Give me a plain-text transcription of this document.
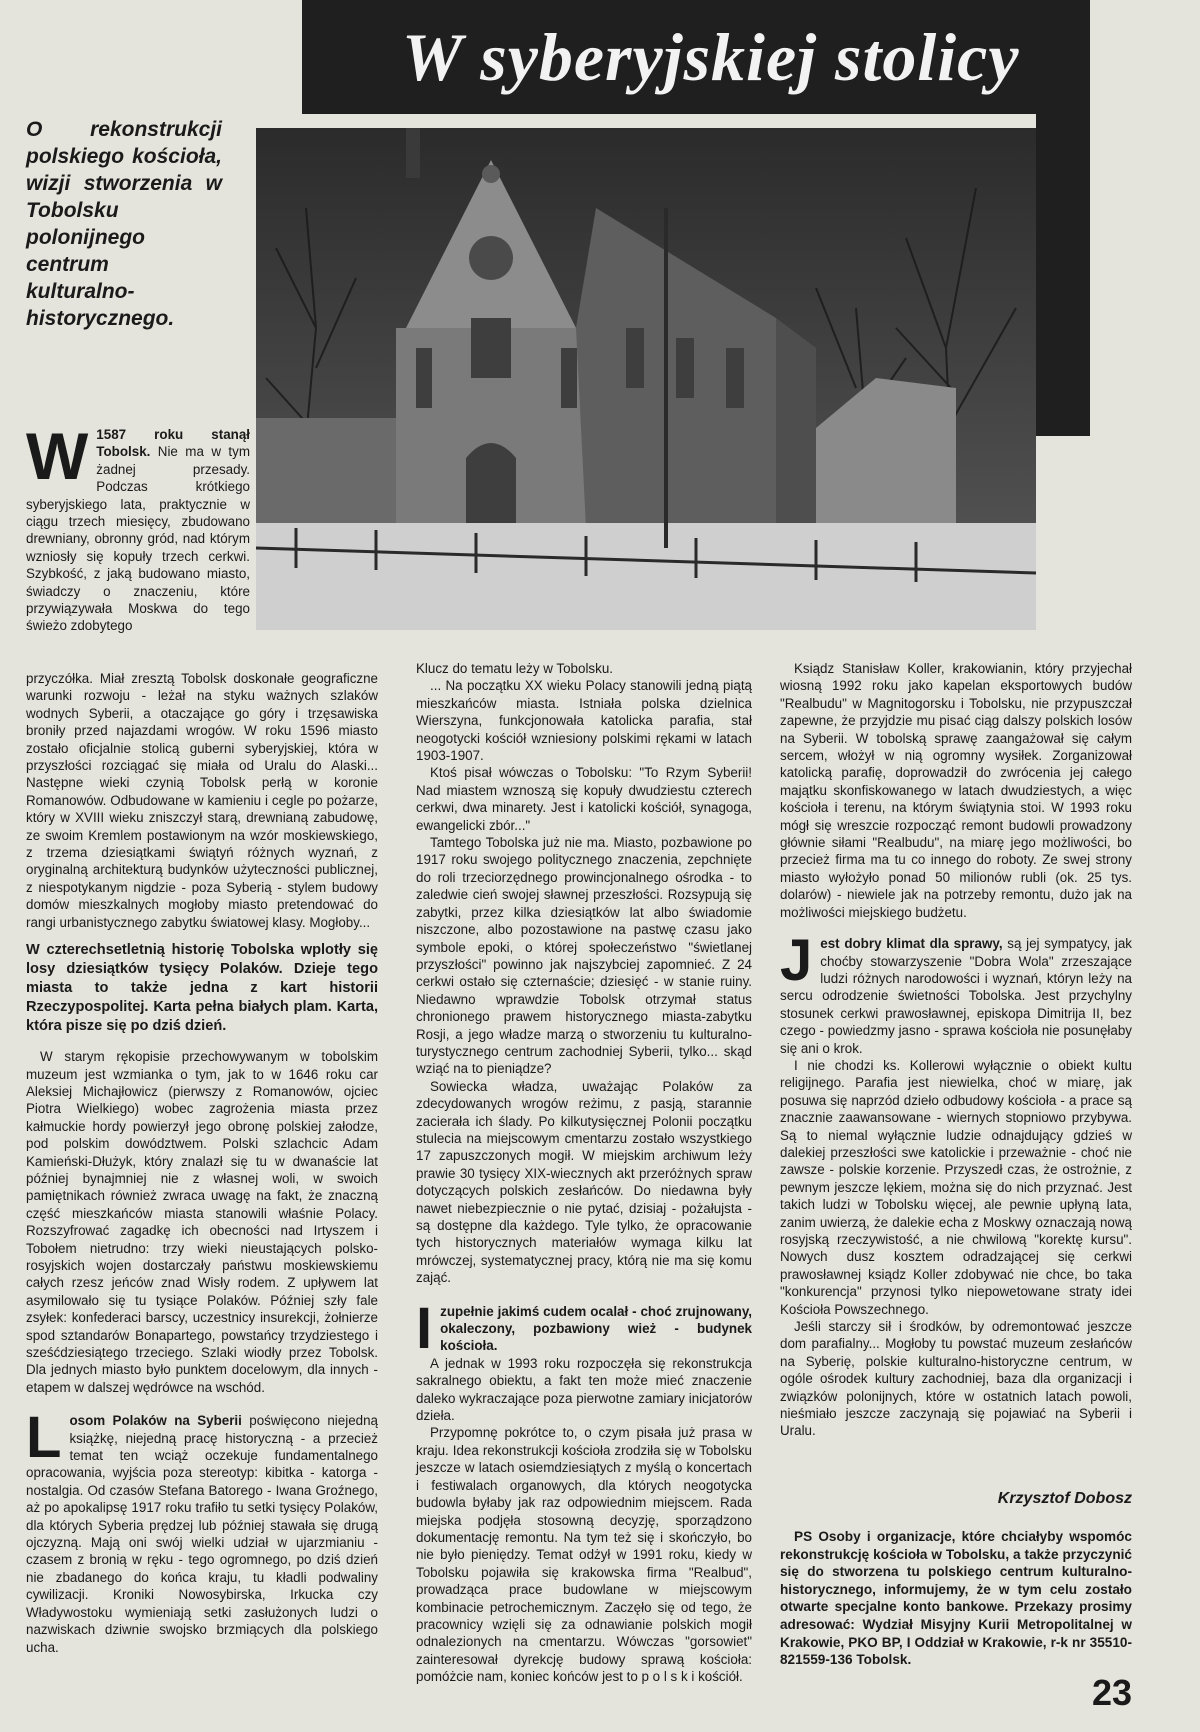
W syberyjskiej stolicy

O rekonstrukcji polskiego kościoła, wizji stworzenia w Tobolsku polonijnego centrum kulturalno-historycznego.

W 1587 roku stanął Tobolsk. Nie ma w tym żadnej przesady. Podczas krótkiego syberyjskiego lata, praktycznie w ciągu trzech miesięcy, zbudowano drewniany, obronny gród, nad którym wzniosły się kopuły trzech cerkwi. Szybkość, z jaką budowano miasto, świadczy o znaczeniu, które przywiązywała Moskwa do tego świeżo zdobytego

przyczółka. Miał zresztą Tobolsk doskonałe geograficzne warunki rozwoju - leżał na styku ważnych szlaków wodnych Syberii, a otaczające go góry i trzęsawiska broniły przed najazdami wrogów. W roku 1596 miasto zostało oficjalnie stolicą guberni syberyjskiej, która w przyszłości rozciągać się miała od Uralu do Alaski... Następne wieki czynią Tobolsk perłą w koronie Romanowów. Odbudowane w kamieniu i cegle po pożarze, który w XVIII wieku zniszczył starą, drewnianą zabudowę, ze swoim Kremlem postawionym na wzór moskiewskiego, z trzema dziesiątkami świątyń różnych wyznań, z oryginalną architekturą budynków użyteczności publicznej, z niespotykanym nigdzie - poza Syberią - stylem budowy domów mieszkalnych mogłoby miasto pretendować do rangi urbanistycznego zabytku światowej klasy. Mogłoby...

W czterechsetletnią historię Tobolska wplotły się losy dziesiątków tysięcy Polaków. Dzieje tego miasta to także jedna z kart historii Rzeczypospolitej. Karta pełna białych plam. Karta, która pisze się po dziś dzień.

W starym rękopisie przechowywanym w tobolskim muzeum jest wzmianka o tym, jak to w 1646 roku car Aleksiej Michajłowicz (pierwszy z Romanowów, ojciec Piotra Wielkiego) wobec zagrożenia miasta przez kałmuckie hordy powierzył jego obronę polskiej załodze, pod polskim dowództwem. Polski szlachcic Adam Kamieński-Dłużyk, który znalazł się tu w dwanaście lat później bynajmniej nie z własnej woli, w swoich pamiętnikach również zwraca uwagę na fakt, że znaczną część mieszkańców miasta stanowili właśnie Polacy. Rozszyfrować zagadkę ich obecności nad Irtyszem i Tobołem nietrudno: trzy wieki nieustających polsko-rosyjskich wojen dostarczały państwu moskiewskiemu całych rzesz jeńców znad Wisły rodem. Z upływem lat asymilowało się tu tysiące Polaków. Później szły fale zsyłek: konfederaci barscy, uczestnicy insurekcji, żołnierze spod sztandarów Bonapartego, powstańcy trzydziestego i sześćdziesiątego trzeciego. Szlaki wiodły przez Tobolsk. Dla jednych miasto było punktem docelowym, dla innych - etapem w dalszej wędrówce na wschód.

Losom Polaków na Syberii poświęcono niejedną książkę, niejedną pracę historyczną - a przecież temat ten wciąż oczekuje fundamentalnego opracowania, wyjścia poza stereotyp: kibitka - katorga - nostalgia. Od czasów Stefana Batorego - Iwana Groźnego, aż po apokalipsę 1917 roku trafiło tu setki tysięcy Polaków, dla których Syberia prędzej lub później stawała się drugą ojczyzną. Mają oni swój wielki udział w ujarzmianiu - czasem z bronią w ręku - tego ogromnego, po dziś dzień nie zbadanego do końca kraju, tu kładli podwaliny cywilizacji. Kroniki Nowosybirska, Irkucka czy Władywostoku wymieniają setki zasłużonych ludzi o nazwiskach dziwnie swojsko brzmiących dla polskiego ucha.

Klucz do tematu leży w Tobolsku.

... Na początku XX wieku Polacy stanowili jedną piątą mieszkańców miasta. Istniała polska dzielnica Wierszyna, funkcjonowała katolicka parafia, stał neogotycki kościół wzniesiony polskimi rękami w latach 1903-1907.

Ktoś pisał wówczas o Tobolsku: "To Rzym Syberii! Nad miastem wznoszą się kopuły dwudziestu czterech cerkwi, dwa minarety. Jest i katolicki kościół, synagoga, ewangelicki zbór..."

Tamtego Tobolska już nie ma. Miasto, pozbawione po 1917 roku swojego politycznego znaczenia, zepchnięte do roli trzeciorzędnego prowincjonalnego ośrodka - to zaledwie cień swojej sławnej przeszłości. Rozsypują się zabytki, przez kilka dziesiątków lat albo świadomie niszczone, albo pozostawione na pastwę czasu jako symbole epoki, o której społeczeństwo "świetlanej przyszłości" powinno jak najszybciej zapomnieć. Z 24 cerkwi ostało się czternaście; dziesięć - w stanie ruiny. Niedawno wprawdzie Tobolsk otrzymał status chronionego prawem historycznego miasta-zabytku Rosji, a jego władze marzą o stworzeniu tu kulturalno-turystycznego centrum zachodniej Syberii, tylko... skąd wziąć na to pieniądze?

Sowiecka władza, uważając Polaków za zdecydowanych wrogów reżimu, z pasją, starannie zacierała ich ślady. Po kilkutysięcznej Polonii początku stulecia na miejscowym cmentarzu zostało wszystkiego 17 zapuszczonych mogił. W miejskim archiwum leży prawie 30 tysięcy XIX-wiecznych akt przeróżnych spraw dotyczących polskich zesłańców. Do niedawna były nawet niebezpiecznie o nie pytać, dzisiaj - pożałujsta - są dostępne dla każdego. Tyle tylko, że opracowanie tych historycznych materiałów wymaga kilku lat mrówczej, systematycznej pracy, którą nie ma się komu zająć.

Izupełnie jakimś cudem ocalał - choć zrujnowany, okaleczony, pozbawiony wież - budynek kościoła.

A jednak w 1993 roku rozpoczęła się rekonstrukcja sakralnego obiektu, a fakt ten może mieć znaczenie daleko wykraczające poza pierwotne zamiary inicjatorów dzieła.

Przypomnę pokrótce to, o czym pisała już prasa w kraju. Idea rekonstrukcji kościoła zrodziła się w Tobolsku jeszcze w latach osiemdziesiątych z myślą o koncertach i festiwalach organowych, dla których neogotycka budowla byłaby jak raz odpowiednim miejscem. Rada miejska podjęła stosowną decyzję, sporządzono dokumentację remontu. Na tym też się i skończyło, bo nie było pieniędzy. Temat odżył w 1991 roku, kiedy w Tobolsku pojawiła się krakowska firma "Realbud", prowadząca prace budowlane w miejscowym kombinacie petrochemicznym. Zaczęło się od tego, że pracownicy wzięli się za odnawianie polskich mogił odnalezionych na cmentarzu. Wówczas "gorsowiet" zainteresował dyrekcję budowy sprawą kościoła: pomóżcie nam, koniec końców jest to p o l s k i kościół.

Ksiądz Stanisław Koller, krakowianin, który przyjechał wiosną 1992 roku jako kapelan eksportowych budów "Realbudu" w Magnitogorsku i Tobolsku, nie przypuszczał zapewne, że przyjdzie mu pisać ciąg dalszy polskich losów na Syberii. W tobolską sprawę zaangażował się całym sercem, włożył w nią ogromny wysiłek. Zorganizował katolicką parafię, doprowadził do zwrócenia jej całego majątku skonfiskowanego w latach dwudziestych, a więc kościoła i terenu, na którym świątynia stoi. W 1993 roku mógł się wreszcie rozpocząć remont budowli prowadzony głównie siłami "Realbudu", na miarę jego możliwości, bo przecież firma ma tu co innego do roboty. Ze swej strony miasto wyłożyło ponad 50 milionów rubli (ok. 25 tys. dolarów) - niewiele jak na potrzeby remontu, dużo jak na możliwości miejskiego budżetu.

Jest dobry klimat dla sprawy, są jej sympatycy, jak choćby stowarzyszenie "Dobra Wola" zrzeszające ludzi różnych narodowości i wyznań, któryn leży na sercu odrodzenie świetności Tobolska. Jest przychylny stosunek cerkwi prawosławnej, episkopa Dimitrija II, bez czego - powiedzmy jasno - sprawa kościoła nie posunęłaby się ani o krok.

I nie chodzi ks. Kollerowi wyłącznie o obiekt kultu religijnego. Parafia jest niewielka, choć w miarę, jak posuwa się naprzód dzieło odbudowy kościoła - a prace są znacznie zaawansowane - wiernych stopniowo przybywa. Są to niemal wyłącznie ludzie odnajdujący gdzieś w dalekiej przeszłości swe katolickie i przeważnie - choć nie zawsze - polskie korzenie. Przyszedł czas, że ostrożnie, z pewnym jeszcze lękiem, można się do nich przyznać. Jest takich ludzi w Tobolsku więcej, ale pewnie upłyną lata, zanim uwierzą, że dalekie echa z Moskwy oznaczają nową rosyjską rzeczywistość, a nie chwilową "korektę kursu". Nowych dusz kosztem odradzającej się cerkwi prawosławnej ksiądz Koller zdobywać nie chce, bo taka "konkurencja" przynosi tylko niepowetowane straty idei Kościoła Powszechnego.

Jeśli starczy sił i środków, by odremontować jeszcze dom parafialny... Mogłoby tu powstać muzeum zesłańców na Syberię, polskie kulturalno-historyczne centrum, w ogóle ośrodek kultury zachodniej, baza dla organizacji i związków polonijnych, które w ostatnich latach powoli, nieśmiało jeszcze zaczynają się pojawiać na Syberii i Uralu.

Krzysztof Dobosz

PS Osoby i organizacje, które chciałyby wspomóc rekonstrukcję kościoła w Tobolsku, a także przyczynić się do stworzena tu polskiego centrum kulturalno-historycznego, informujemy, że w tym celu zostało otwarte specjalne konto bankowe. Przekazy prosimy adresować: Wydział Misyjny Kurii Metropolitalnej w Krakowie, PKO BP, I Oddział w Krakowie, r-k nr 35510-821559-136 Tobolsk.

23
